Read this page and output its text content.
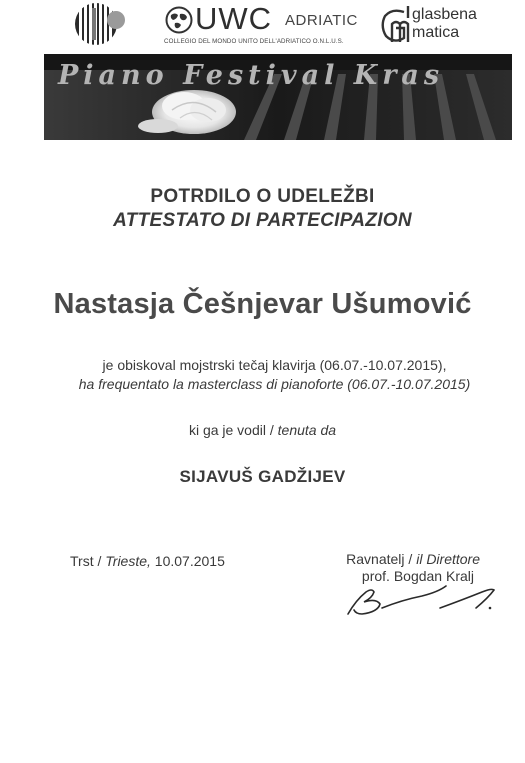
UWC ADRIATIC
COLLEGIO DEL MONDO UNITO DELL'ADRIATICO O.N.L.U.S.
glasbena
matica
Piano Festival Kras
POTRDILO O UDELEŽBI
ATTESTATO DI PARTECIPAZION
Nastasja Češnjevar Ušumović
je obiskoval mojstrski tečaj klavirja (06.07.-10.07.2015),
ha frequentato la masterclass di pianoforte (06.07.-10.07.2015)
ki ga je vodil / tenuta da
SIJAVUŠ GADŽIJEV
Trst / Trieste, 10.07.2015	Ravnatelj / il Direttore
prof. Bogdan Kralj
